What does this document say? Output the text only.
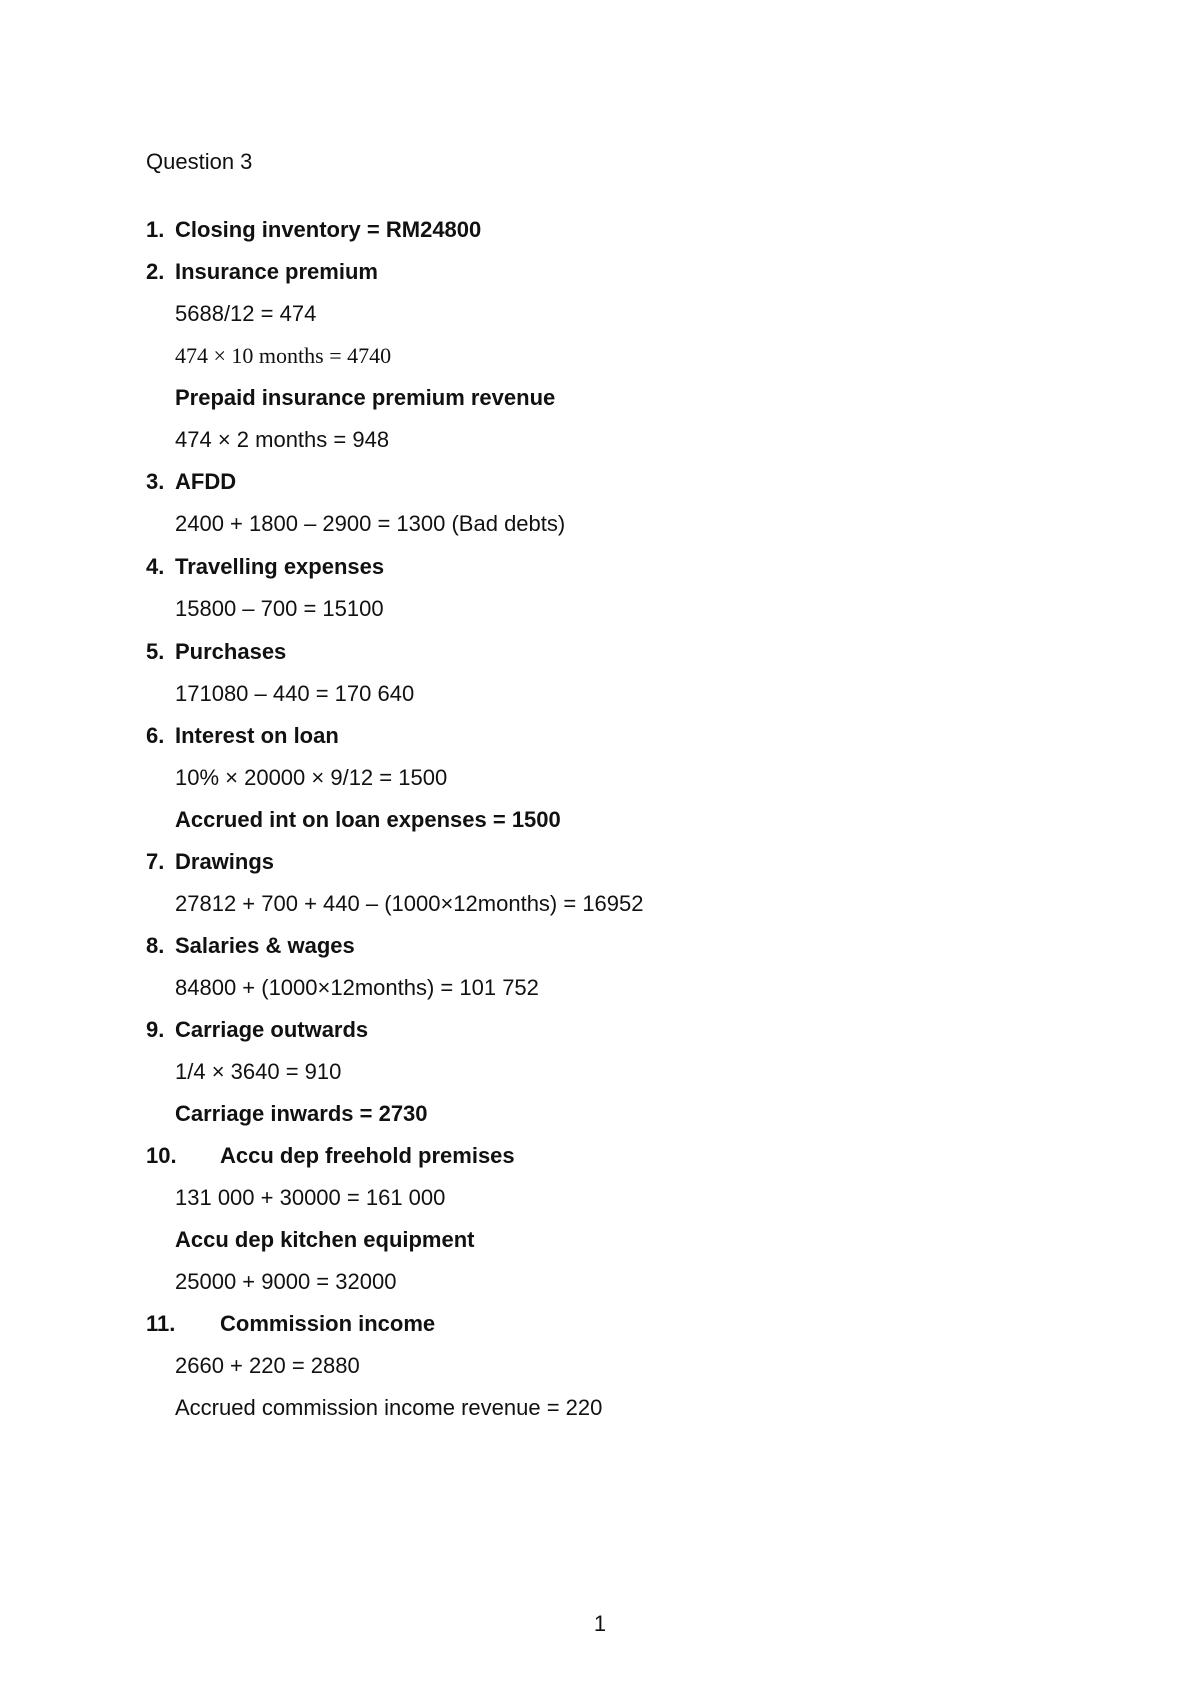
Question 3
1. Closing inventory = RM24800
2. Insurance premium
5688/12 = 474
474 × 10 months = 4740
Prepaid insurance premium revenue
474 × 2 months = 948
3. AFDD
2400 + 1800 – 2900 = 1300 (Bad debts)
4. Travelling expenses
15800 – 700 = 15100
5. Purchases
171080 – 440 = 170 640
6. Interest on loan
10% × 20000 × 9/12 = 1500
Accrued int on loan expenses = 1500
7. Drawings
27812 + 700 + 440 – (1000×12months) = 16952
8. Salaries & wages
84800 + (1000×12months) = 101 752
9. Carriage outwards
1/4 × 3640 = 910
Carriage inwards = 2730
10. Accu dep freehold premises
131 000 + 30000 = 161 000
Accu dep kitchen equipment
25000 + 9000 = 32000
11. Commission income
2660 + 220 = 2880
Accrued commission income revenue = 220
1
